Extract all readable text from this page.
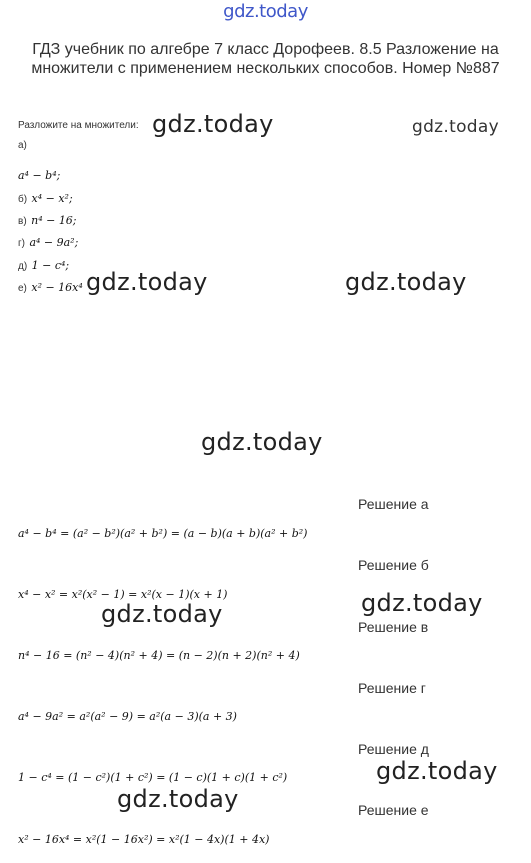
gdz.today
ГДЗ учебник по алгебре 7 класс Дорофеев. 8.5 Разложение на множители с применением нескольких способов. Номер №887
Разложите на множители: gdz.today	gdz.today
а)
a⁴ − b⁴;
б) x⁴ − x²;
в) n⁴ − 16;
г) a⁴ − 9a²;
д) 1 − c⁴;
е) x² − 16x⁴ gdz.today	gdz.today
gdz.today
Решение а
a⁴ − b⁴ = (a² − b²)(a² + b²) = (a − b)(a + b)(a² + b²)
Решение б
x⁴ − x² = x²(x² − 1) = x²(x − 1)(x + 1)
gdz.today	gdz.today
Решение в
n⁴ − 16 = (n² − 4)(n² + 4) = (n − 2)(n + 2)(n² + 4)
Решение г
a⁴ − 9a² = a²(a² − 9) = a²(a − 3)(a + 3)
Решение д
1 − c⁴ = (1 − c²)(1 + c²) = (1 − c)(1 + c)(1 + c²)	gdz.today
gdz.today	Решение е
x² − 16x⁴ = x²(1 − 16x²) = x²(1 − 4x)(1 + 4x)
